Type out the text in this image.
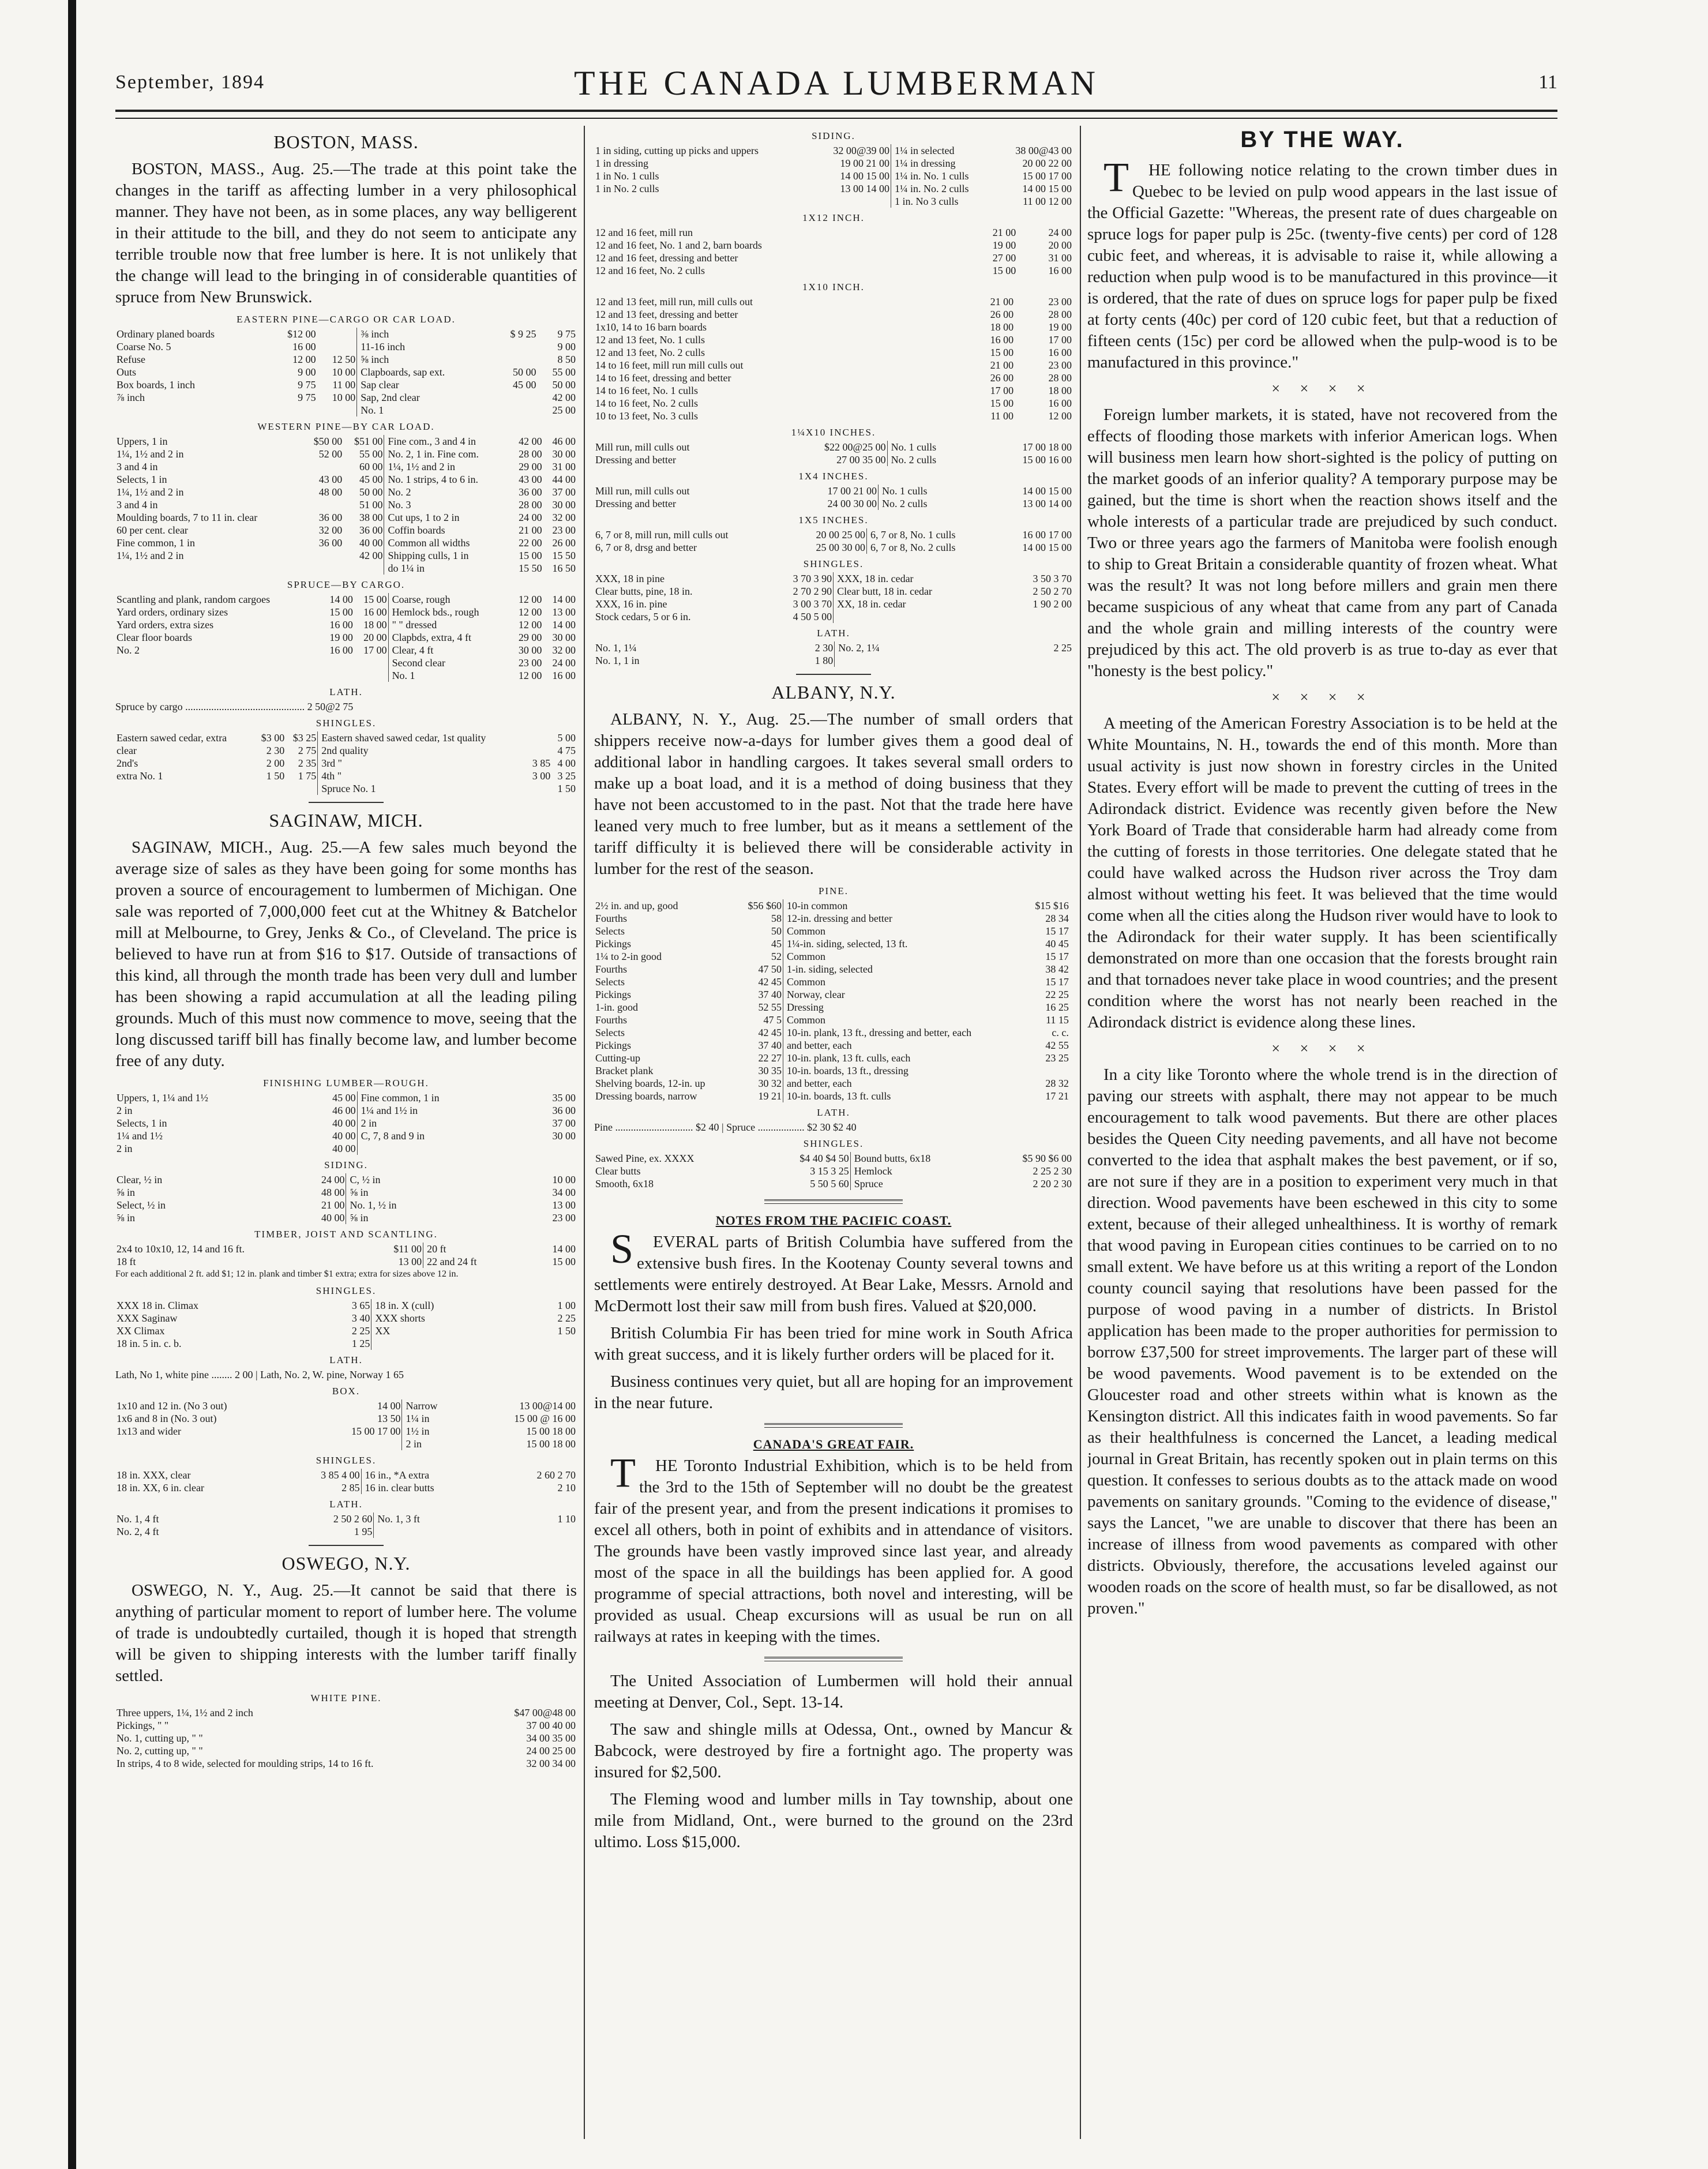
September, 1894	THE CANADA LUMBERMAN	11
BOSTON, MASS.

BOSTON, MASS., Aug. 25.—The trade at this point take the changes in the tariff as affecting lumber in a very philosophical manner. They have not been, as in some places, any way belligerent in their attitude to the bill, and they do not seem to anticipate any terrible trouble now that free lumber is here. It is not unlikely that the change will lead to the bringing in of considerable quantities of spruce from New Brunswick.

EASTERN PINE—CARGO OR CAR LOAD.
Ordinary planed boards	$12 00		⅜ inch	$ 9 25	9 75
Coarse No. 5	16 00		11-16 inch		9 00
Refuse	12 00	12 50	⅝ inch		8 50
Outs	9 00	10 00	Clapboards, sap ext.	50 00	55 00
Box boards, 1 inch	9 75	11 00	Sap clear	45 00	50 00
⅞ inch	9 75	10 00	Sap, 2nd clear		42 00
			No. 1		25 00
WESTERN PINE—BY CAR LOAD.
Uppers, 1 in	$50 00	$51 00	Fine com., 3 and 4 in	42 00	46 00
1¼, 1½ and 2 in	52 00	55 00	No. 2, 1 in. Fine com.	28 00	30 00
3 and 4 in		60 00	1¼, 1½ and 2 in	29 00	31 00
Selects, 1 in	43 00	45 00	No. 1 strips, 4 to 6 in.	43 00	44 00
1¼, 1½ and 2 in	48 00	50 00	No. 2	36 00	37 00
3 and 4 in		51 00	No. 3	28 00	30 00
Moulding boards, 7 to 11 in. clear	36 00	38 00	Cut ups, 1 to 2 in	24 00	32 00
60 per cent. clear	32 00	36 00	Coffin boards	21 00	23 00
Fine common, 1 in	36 00	40 00	Common all widths	22 00	26 00
1¼, 1½ and 2 in		42 00	Shipping culls, 1 in	15 00	15 50
			do 1¼ in	15 50	16 50
SPRUCE—BY CARGO.
Scantling and plank, random cargoes	14 00	15 00	Coarse, rough	12 00	14 00
Yard orders, ordinary sizes	15 00	16 00	Hemlock bds., rough	12 00	13 00
Yard orders, extra sizes	16 00	18 00	" " dressed	12 00	14 00
Clear floor boards	19 00	20 00	Clapbds, extra, 4 ft	29 00	30 00
No. 2	16 00	17 00	Clear, 4 ft	30 00	32 00
			Second clear	23 00	24 00
			No. 1	12 00	16 00
LATH.
Spruce by cargo .............................................. 2 50@2 75
SHINGLES.
Eastern sawed cedar, extra	$3 00	$3 25	Eastern shaved sawed cedar, 1st quality		5 00
clear	2 30	2 75	2nd quality		4 75
2nd's	2 00	2 35	3rd "	3 85	4 00
extra No. 1	1 50	1 75	4th "	3 00	3 25
			Spruce No. 1		1 50
SAGINAW, MICH.

SAGINAW, MICH., Aug. 25.—A few sales much beyond the average size of sales as they have been going for some months has proven a source of encouragement to lumbermen of Michigan. One sale was reported of 7,000,000 feet cut at the Whitney & Batchelor mill at Melbourne, to Grey, Jenks & Co., of Cleveland. The price is believed to have run at from $16 to $17. Outside of transactions of this kind, all through the month trade has been very dull and lumber has been showing a rapid accumulation at all the leading piling grounds. Much of this must now commence to move, seeing that the long discussed tariff bill has finally become law, and lumber become free of any duty.

FINISHING LUMBER—ROUGH.
Uppers, 1, 1¼ and 1½	45 00	Fine common, 1 in	35 00
2 in	46 00	1¼ and 1½ in	36 00
Selects, 1 in	40 00	2 in	37 00
1¼ and 1½	40 00	C, 7, 8 and 9 in	30 00
2 in	40 00		
SIDING.
Clear, ½ in	24 00	C, ½ in	10 00
⅝ in	48 00	⅝ in	34 00
Select, ½ in	21 00	No. 1, ½ in	13 00
⅝ in	40 00	⅝ in	23 00
TIMBER, JOIST AND SCANTLING.
2x4 to 10x10, 12, 14 and 16 ft.	$11 00	20 ft	14 00
18 ft	13 00	22 and 24 ft	15 00
For each additional 2 ft. add $1; 12 in. plank and timber $1 extra; extra for sizes above 12 in.
SHINGLES.
XXX 18 in. Climax	3 65	18 in. X (cull)	1 00
XXX Saginaw	3 40	XXX shorts	2 25
XX Climax	2 25	XX	1 50
18 in. 5 in. c. b.	1 25		
LATH.
Lath, No 1, white pine ........ 2 00 | Lath, No. 2, W. pine, Norway 1 65
BOX.
1x10 and 12 in. (No 3 out)	14 00	Narrow	13 00@14 00
1x6 and 8 in (No. 3 out)	13 50	1¼ in	15 00 @ 16 00
1x13 and wider	15 00 17 00	1½ in	15 00 18 00
		2 in	15 00 18 00
SHINGLES.
18 in. XXX, clear	3 85 4 00	16 in., *A extra	2 60 2 70
18 in. XX, 6 in. clear	2 85	16 in. clear butts	2 10
LATH.
No. 1, 4 ft	2 50 2 60	No. 1, 3 ft	1 10
No. 2, 4 ft	1 95		
OSWEGO, N.Y.

OSWEGO, N. Y., Aug. 25.—It cannot be said that there is anything of particular moment to report of lumber here. The volume of trade is undoubtedly curtailed, though it is hoped that strength will be given to shipping interests with the lumber tariff finally settled.

WHITE PINE.
Three uppers, 1¼, 1½ and 2 inch	$47 00@48 00
Pickings, " "	37 00 40 00
No. 1, cutting up, " "	34 00 35 00
No. 2, cutting up, " "	24 00 25 00
In strips, 4 to 8 wide, selected for moulding strips, 14 to 16 ft.	32 00 34 00
SIDING.
1 in siding, cutting up picks and uppers	32 00@39 00	1¼ in selected	38 00@43 00
1 in dressing	19 00 21 00	1¼ in dressing	20 00 22 00
1 in No. 1 culls	14 00 15 00	1¼ in. No. 1 culls	15 00 17 00
1 in No. 2 culls	13 00 14 00	1¼ in. No. 2 culls	14 00 15 00
		1 in. No 3 culls	11 00 12 00
1X12 INCH.
12 and 16 feet, mill run	21 00	24 00
12 and 16 feet, No. 1 and 2, barn boards	19 00	20 00
12 and 16 feet, dressing and better	27 00	31 00
12 and 16 feet, No. 2 culls	15 00	16 00
1X10 INCH.
12 and 13 feet, mill run, mill culls out	21 00	23 00
12 and 13 feet, dressing and better	26 00	28 00
1x10, 14 to 16 barn boards	18 00	19 00
12 and 13 feet, No. 1 culls	16 00	17 00
12 and 13 feet, No. 2 culls	15 00	16 00
14 to 16 feet, mill run mill culls out	21 00	23 00
14 to 16 feet, dressing and better	26 00	28 00
14 to 16 feet, No. 1 culls	17 00	18 00
14 to 16 feet, No. 2 culls	15 00	16 00
10 to 13 feet, No. 3 culls	11 00	12 00
1¼X10 INCHES.
Mill run, mill culls out	$22 00@25 00	No. 1 culls	17 00 18 00
Dressing and better	27 00 35 00	No. 2 culls	15 00 16 00
1X4 INCHES.
Mill run, mill culls out	17 00 21 00	No. 1 culls	14 00 15 00
Dressing and better	24 00 30 00	No. 2 culls	13 00 14 00
1X5 INCHES.
6, 7 or 8, mill run, mill culls out	20 00 25 00	6, 7 or 8, No. 1 culls	16 00 17 00
6, 7 or 8, drsg and better	25 00 30 00	6, 7 or 8, No. 2 culls	14 00 15 00
SHINGLES.
XXX, 18 in pine	3 70 3 90	XXX, 18 in. cedar	3 50 3 70
Clear butts, pine, 18 in.	2 70 2 90	Clear butt, 18 in. cedar	2 50 2 70
XXX, 16 in. pine	3 00 3 70	XX, 18 in. cedar	1 90 2 00
Stock cedars, 5 or 6 in.	4 50 5 00		
LATH.
No. 1, 1¼	2 30	No. 2, 1¼	2 25
No. 1, 1 in	1 80		
ALBANY, N.Y.

ALBANY, N. Y., Aug. 25.—The number of small orders that shippers receive now-a-days for lumber gives them a good deal of additional labor in handling cargoes. It takes several small orders to make up a boat load, and it is a method of doing business that they have not been accustomed to in the past. Not that the trade here have leaned very much to free lumber, but as it means a settlement of the tariff difficulty it is believed there will be considerable activity in lumber for the rest of the season.

PINE.
2½ in. and up, good	$56 $60	10-in common	$15 $16	
Fourths	58	12-in. dressing and better	28 34	
Selects	50	Common	15 17	
Pickings	45	1¼-in. siding, selected, 13 ft.	40 45	
1¼ to 2-in good	52	Common	15 17	
Fourths	47 50	1-in. siding, selected	38 42	
Selects	42 45	Common	15 17	
Pickings	37 40	Norway, clear	22 25	
1-in. good	52 55	Dressing	16 25	
Fourths	47 5	Common	11 15	
Selects	42 45	10-in. plank, 13 ft., dressing and better, each	c. c.	
Pickings	37 40	and better, each	42 55	
Cutting-up	22 27	10-in. plank, 13 ft. culls, each	23 25	
Bracket plank	30 35	10-in. boards, 13 ft., dressing		
Shelving boards, 12-in. up	30 32	and better, each	28 32	
Dressing boards, narrow	19 21	10-in. boards, 13 ft. culls	17 21	
LATH.
Pine .............................. $2 40 | Spruce .................. $2 30 $2 40
SHINGLES.
Sawed Pine, ex. XXXX	$4 40 $4 50	Bound butts, 6x18	$5 90 $6 00
Clear butts	3 15 3 25	Hemlock	2 25 2 30
Smooth, 6x18	5 50 5 60	Spruce	2 20 2 30
NOTES FROM THE PACIFIC COAST.

SEVERAL parts of British Columbia have suffered from the extensive bush fires. In the Kootenay County several towns and settlements were entirely destroyed. At Bear Lake, Messrs. Arnold and McDermott lost their saw mill from bush fires. Valued at $20,000.

British Columbia Fir has been tried for mine work in South Africa with great success, and it is likely further orders will be placed for it.

Business continues very quiet, but all are hoping for an improvement in the near future.

CANADA'S GREAT FAIR.

THE Toronto Industrial Exhibition, which is to be held from the 3rd to the 15th of September will no doubt be the greatest fair of the present year, and from the present indications it promises to excel all others, both in point of exhibits and in attendance of visitors. The grounds have been vastly improved since last year, and already most of the space in all the buildings has been applied for. A good programme of special attractions, both novel and interesting, will be provided as usual. Cheap excursions will as usual be run on all railways at rates in keeping with the times.

The United Association of Lumbermen will hold their annual meeting at Denver, Col., Sept. 13-14.

The saw and shingle mills at Odessa, Ont., owned by Mancur & Babcock, were destroyed by fire a fortnight ago. The property was insured for $2,500.

The Fleming wood and lumber mills in Tay township, about one mile from Midland, Ont., were burned to the ground on the 23rd ultimo. Loss $15,000.

BY THE WAY.

THE following notice relating to the crown timber dues in Quebec to be levied on pulp wood appears in the last issue of the Official Gazette: "Whereas, the present rate of dues chargeable on spruce logs for paper pulp is 25c. (twenty-five cents) per cord of 128 cubic feet, and whereas, it is advisable to raise it, while allowing a reduction when pulp wood is to be manufactured in this province—it is ordered, that the rate of dues on spruce logs for paper pulp be fixed at forty cents (40c) per cord of 120 cubic feet, but that a reduction of fifteen cents (15c) per cord be allowed when the pulp-wood is to be manufactured in this province."

× × × ×

Foreign lumber markets, it is stated, have not recovered from the effects of flooding those markets with inferior American logs. When will business men learn how short-sighted is the policy of putting on the market goods of an inferior quality? A temporary purpose may be gained, but the time is short when the reaction shows itself and the whole interests of a particular trade are prejudiced by such conduct. Two or three years ago the farmers of Manitoba were foolish enough to ship to Great Britain a considerable quantity of frozen wheat. What was the result? It was not long before millers and grain men there became suspicious of any wheat that came from any part of Canada and the whole grain and milling interests of the country were prejudiced by this act. The old proverb is as true to-day as ever that "honesty is the best policy."

× × × ×

A meeting of the American Forestry Association is to be held at the White Mountains, N. H., towards the end of this month. More than usual activity is just now shown in forestry circles in the United States. Every effort will be made to prevent the cutting of trees in the Adirondack district. Evidence was recently given before the New York Board of Trade that considerable harm had already come from the cutting of forests in those territories. One delegate stated that he could have walked across the Hudson river across the Troy dam almost without wetting his feet. It was believed that the time would come when all the cities along the Hudson river would have to look to the Adirondack for their water supply. It has been scientifically demonstrated on more than one occasion that the forests brought rain and that tornadoes never take place in wood countries; and the present condition where the worst has not nearly been reached in the Adirondack district is evidence along these lines.

× × × ×

In a city like Toronto where the whole trend is in the direction of paving our streets with asphalt, there may not appear to be much encouragement to talk wood pavements. But there are other places besides the Queen City needing pavements, and all have not become converted to the idea that asphalt makes the best pavement, or if so, are not sure if they are in a position to experiment very much in that direction. Wood pavements have been eschewed in this city to some extent, because of their alleged unhealthiness. It is worthy of remark that wood paving in European cities continues to be carried on to no small extent. We have before us at this writing a report of the London county council saying that resolutions have been passed for the purpose of wood paving in a number of districts. In Bristol application has been made to the proper authorities for permission to borrow £37,500 for street improvements. The larger part of these will be wood pavements. Wood pavement is to be extended on the Gloucester road and other streets within what is known as the Kensington district. All this indicates faith in wood pavements. So far as their healthfulness is concerned the Lancet, a leading medical journal in Great Britain, has recently spoken out in plain terms on this question. It confesses to serious doubts as to the attack made on wood pavements on sanitary grounds. "Coming to the evidence of disease," says the Lancet, "we are unable to discover that there has been an increase of illness from wood pavements as compared with other districts. Obviously, therefore, the accusations leveled against our wooden roads on the score of health must, so far be disallowed, as not proven."
